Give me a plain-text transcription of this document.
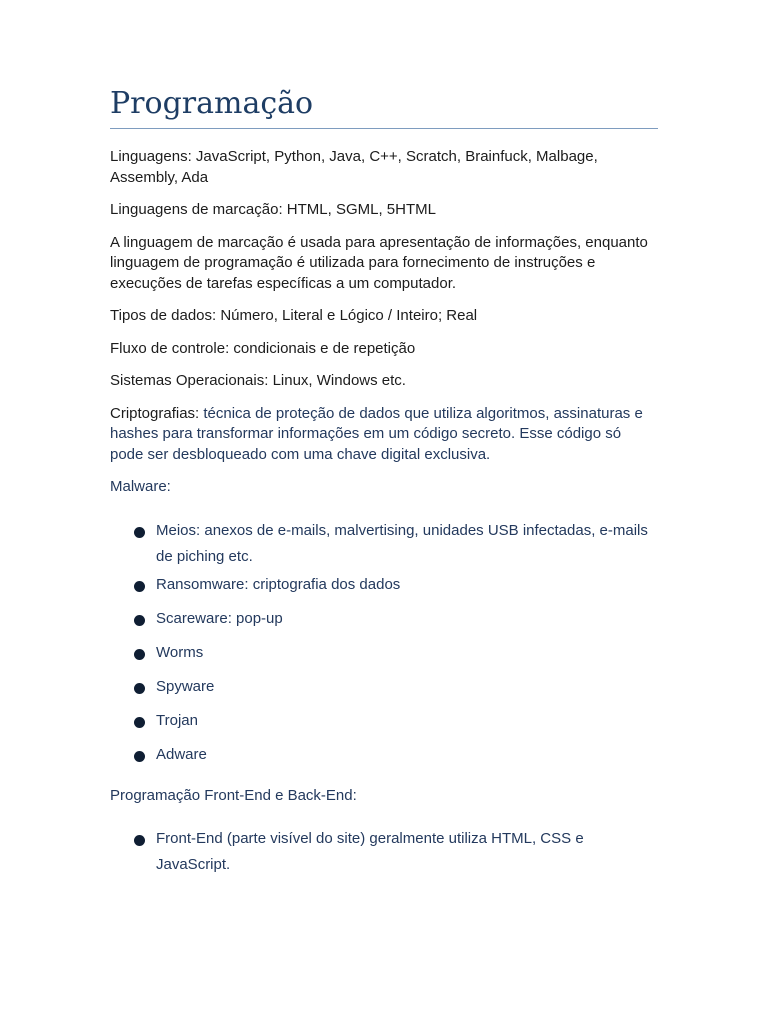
Programação

Linguagens: JavaScript, Python, Java, C++, Scratch, Brainfuck, Malbage, Assembly, Ada

Linguagens de marcação: HTML, SGML, 5HTML

A linguagem de marcação é usada para apresentação de informações, enquanto linguagem de programação é utilizada para fornecimento de instruções e execuções de tarefas específicas a um computador.

Tipos de dados: Número, Literal e Lógico / Inteiro; Real

Fluxo de controle: condicionais e de repetição

Sistemas Operacionais: Linux, Windows etc.

Criptografias: técnica de proteção de dados que utiliza algoritmos, assinaturas e hashes para transformar informações em um código secreto. Esse código só pode ser desbloqueado com uma chave digital exclusiva.

Malware:

Meios: anexos de e-mails, malvertising, unidades USB infectadas, e-mails de piching etc.
Ransomware: criptografia dos dados
Scareware: pop-up
Worms
Spyware
Trojan
Adware

Programação Front-End e Back-End:

Front-End (parte visível do site) geralmente utiliza HTML, CSS e JavaScript.
